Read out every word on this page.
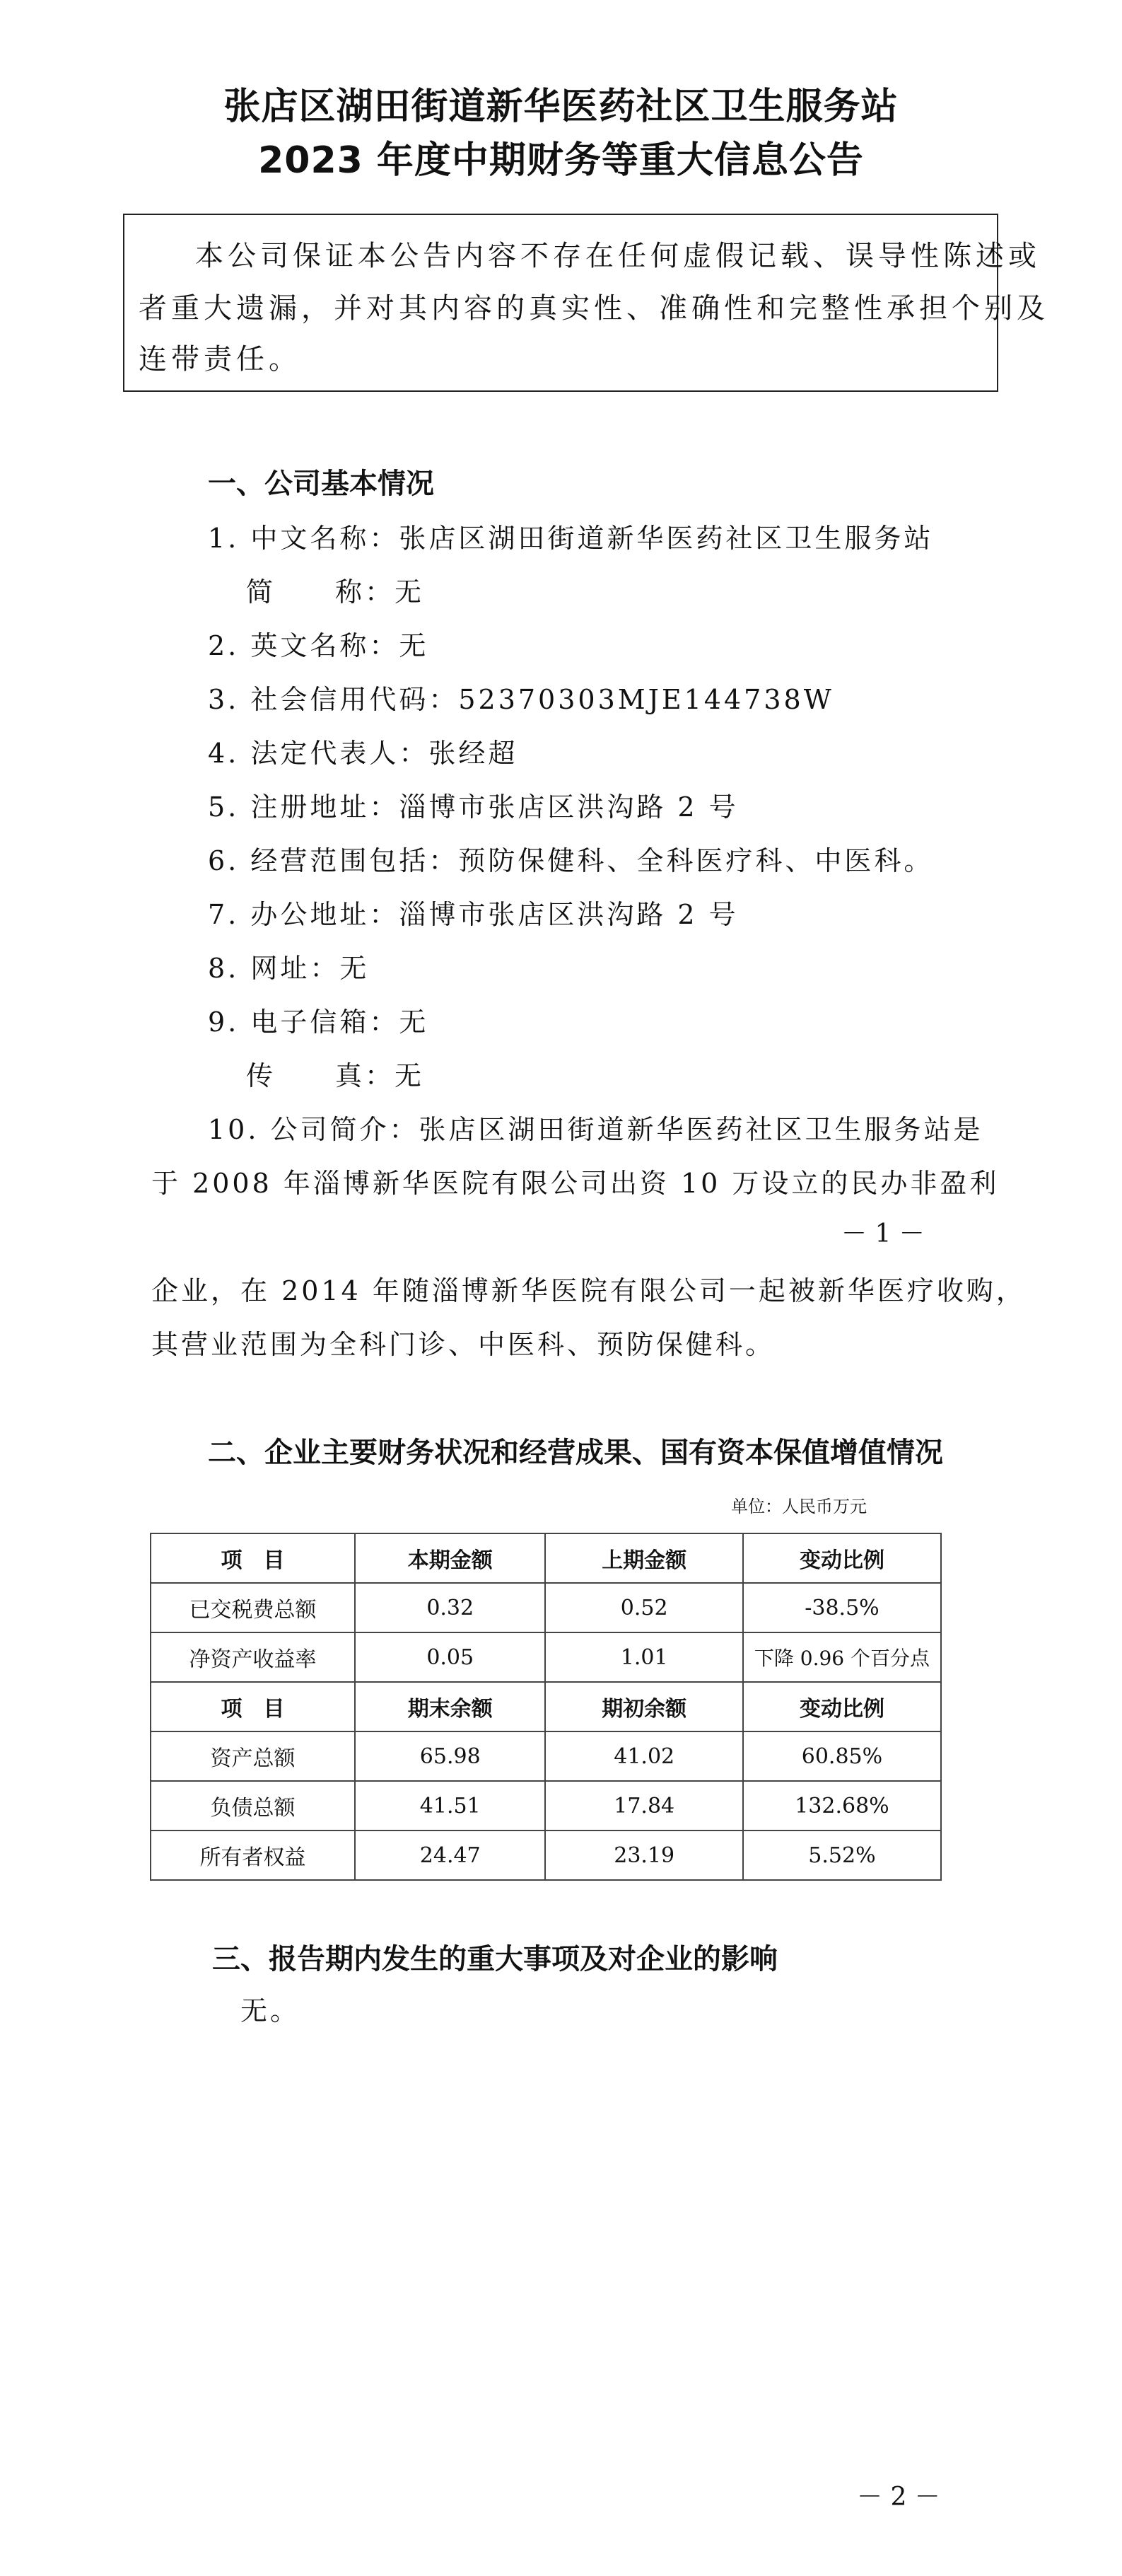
张店区湖田街道新华医药社区卫生服务站
2023 年度中期财务等重大信息公告

本公司保证本公告内容不存在任何虚假记载、误导性陈述或

者重大遗漏，并对其内容的真实性、准确性和完整性承担个别及

连带责任。

一、公司基本情况
1. 中文名称：张店区湖田街道新华医药社区卫生服务站
简　　称：无
2. 英文名称：无
3. 社会信用代码：52370303MJE144738W
4. 法定代表人：张经超
5. 注册地址：淄博市张店区洪沟路 2 号
6. 经营范围包括：预防保健科、全科医疗科、中医科。
7. 办公地址：淄博市张店区洪沟路 2 号
8. 网址：无
9. 电子信箱：无
传　　真：无
10. 公司简介：张店区湖田街道新华医药社区卫生服务站是
于 2008 年淄博新华医院有限公司出资 10 万设立的民办非盈利
－ 1 －
企业，在 2014 年随淄博新华医院有限公司一起被新华医疗收购，
其营业范围为全科门诊、中医科、预防保健科。
二、企业主要财务状况和经营成果、国有资本保值增值情况
单位：人民币万元
项　目	本期金额	上期金额	变动比例
已交税费总额	0.32	0.52	-38.5%
净资产收益率	0.05	1.01	下降 0.96 个百分点
项　目	期末余额	期初余额	变动比例
资产总额	65.98	41.02	60.85%
负债总额	41.51	17.84	132.68%
所有者权益	24.47	23.19	5.52%
三、报告期内发生的重大事项及对企业的影响
无。
－ 2 －
